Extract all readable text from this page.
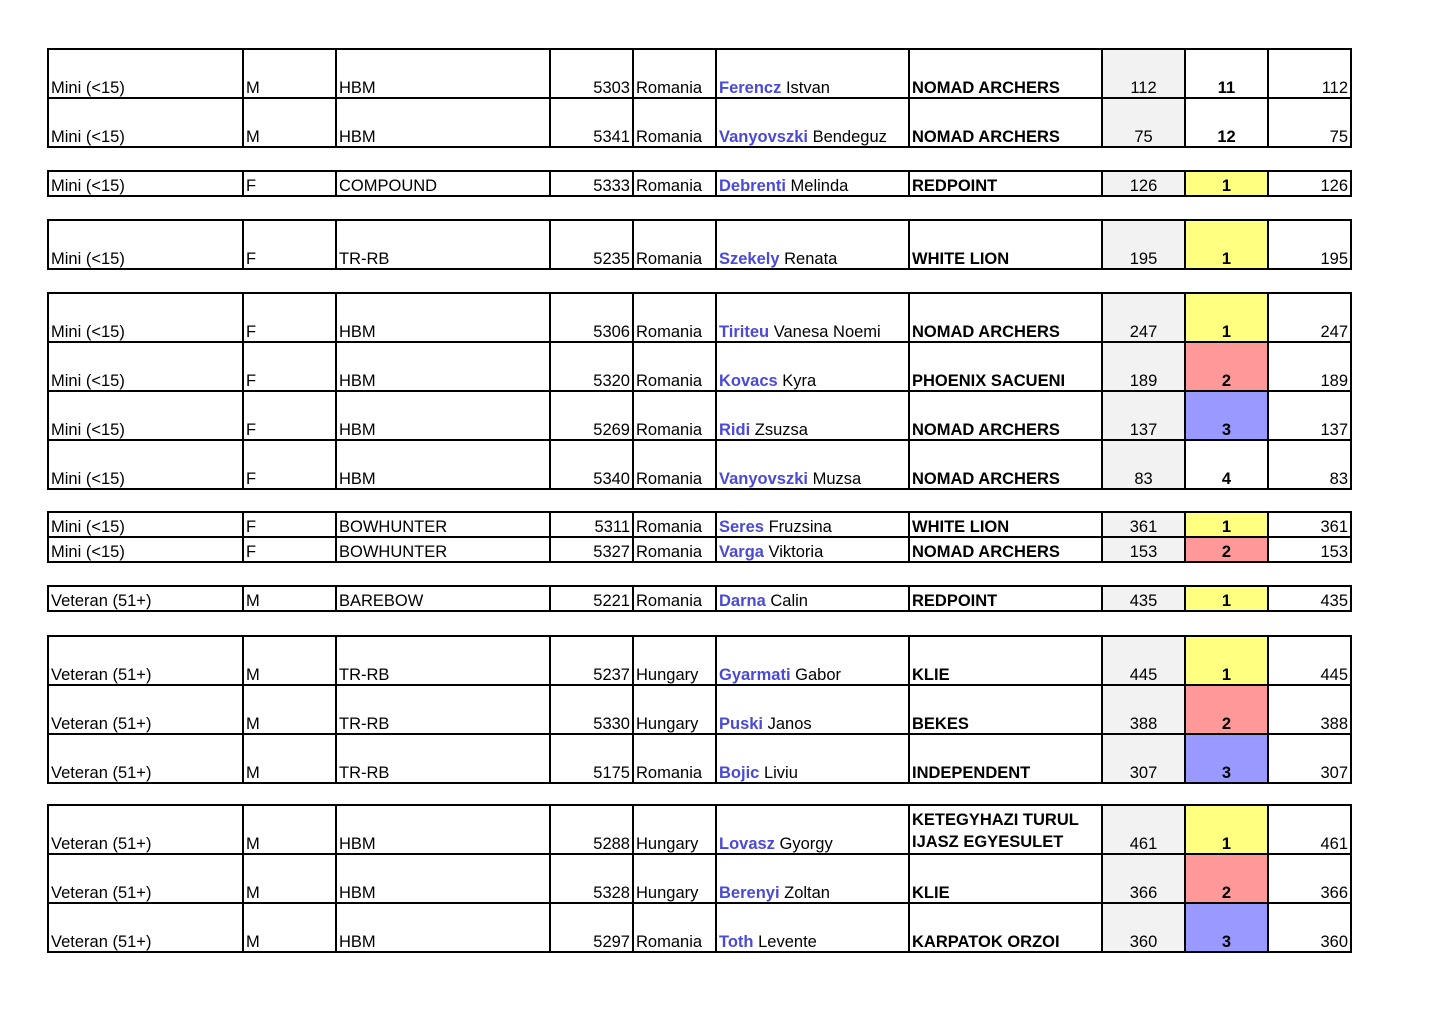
Mini (<15)	M	HBM	5303	Romania	Ferencz Istvan	NOMAD ARCHERS	112	11	112
Mini (<15)	M	HBM	5341	Romania	Vanyovszki Bendeguz	NOMAD ARCHERS	75	12	75
Mini (<15)	F	COMPOUND	5333	Romania	Debrenti Melinda	REDPOINT	126	1	126
Mini (<15)	F	TR-RB	5235	Romania	Szekely Renata	WHITE LION	195	1	195
Mini (<15)	F	HBM	5306	Romania	Tiriteu Vanesa Noemi	NOMAD ARCHERS	247	1	247
Mini (<15)	F	HBM	5320	Romania	Kovacs Kyra	PHOENIX SACUENI	189	2	189
Mini (<15)	F	HBM	5269	Romania	Ridi Zsuzsa	NOMAD ARCHERS	137	3	137
Mini (<15)	F	HBM	5340	Romania	Vanyovszki Muzsa	NOMAD ARCHERS	83	4	83
Mini (<15)	F	BOWHUNTER	5311	Romania	Seres Fruzsina	WHITE LION	361	1	361
Mini (<15)	F	BOWHUNTER	5327	Romania	Varga Viktoria	NOMAD ARCHERS	153	2	153
Veteran (51+)	M	BAREBOW	5221	Romania	Darna Calin	REDPOINT	435	1	435
Veteran (51+)	M	TR-RB	5237	Hungary	Gyarmati Gabor	KLIE	445	1	445
Veteran (51+)	M	TR-RB	5330	Hungary	Puski Janos	BEKES	388	2	388
Veteran (51+)	M	TR-RB	5175	Romania	Bojic Liviu	INDEPENDENT	307	3	307
Veteran (51+)	M	HBM	5288	Hungary	Lovasz Gyorgy	KETEGYHAZI TURUL IJASZ EGYESULET	461	1	461
Veteran (51+)	M	HBM	5328	Hungary	Berenyi Zoltan	KLIE	366	2	366
Veteran (51+)	M	HBM	5297	Romania	Toth Levente	KARPATOK ORZOI	360	3	360
